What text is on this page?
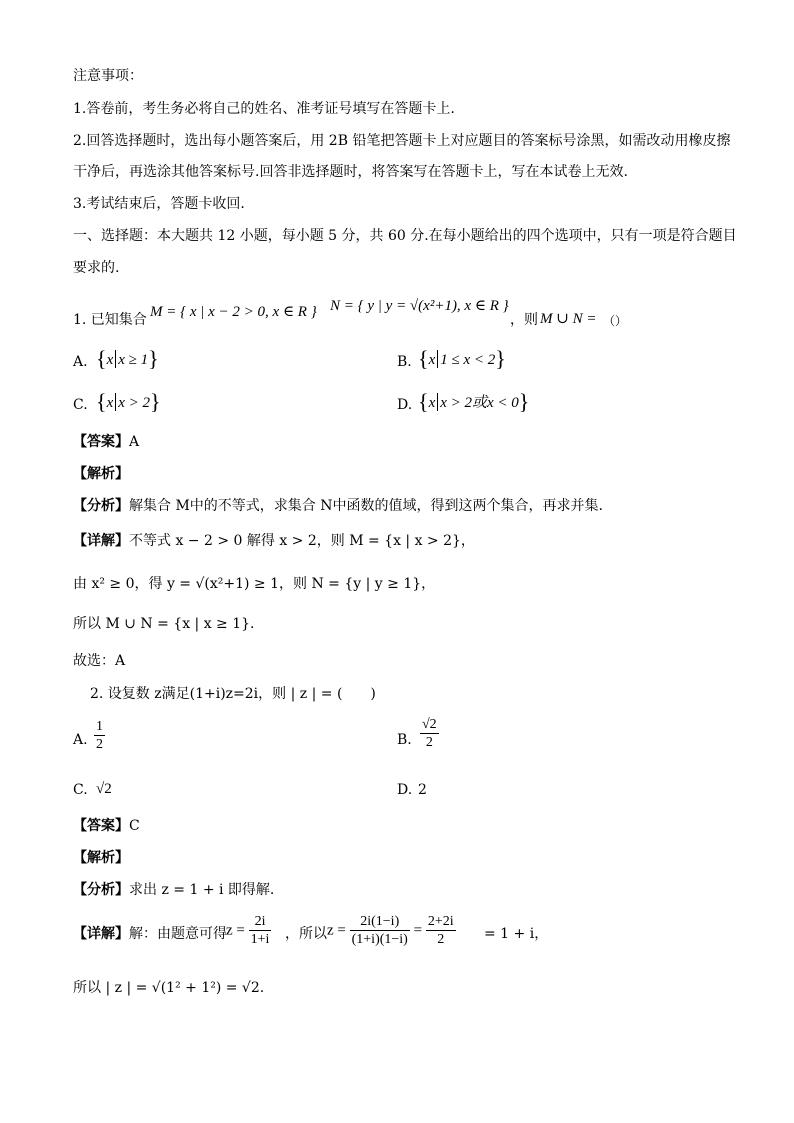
注意事项：
1.答卷前，考生务必将自己的姓名、准考证号填写在答题卡上.
2.回答选择题时，选出每小题答案后，用 2B 铅笔把答题卡上对应题目的答案标号涂黑，如需改动用橡皮擦
干净后，再选涂其他答案标号.回答非选择题时，将答案写在答题卡上，写在本试卷上无效.
3.考试结束后，答题卡收回.
一、选择题：本大题共 12 小题，每小题 5 分，共 60 分.在每小题给出的四个选项中，只有一项是符合题目
要求的.
1. 已知集合 M = { x | x − 2 > 0, x ∈ R } N = { y | y = √(x²+1), x ∈ R }
，则 M ∪ N = （）
A. {x x ≥ 1}	B. {x 1 ≤ x < 2}
C. {x x > 2}	D. {x x > 2或x < 0}
【答案】A
【解析】
【分析】解集合 M中的不等式，求集合 N中函数的值域，得到这两个集合，再求并集.
【详解】不等式 x − 2 > 0 解得 x > 2，则 M = {x | x > 2}，
由 x² ≥ 0，得 y = √(x²+1) ≥ 1，则 N = {y | y ≥ 1}，
所以 M ∪ N = {x | x ≥ 1}.
故选：A
2. 设复数 z满足(1+i)z=2i，则 | z | = (　　)
A. $\frac{1}{2}$	B. $\frac{√2}{2}$
C. √2	D. 2
【答案】C
【解析】
【分析】求出 z = 1 + i 即得解.
【详解】解：由题意可得 $z = \frac{2i}{1+i}$ ，所以 $z = \frac{2i(1-i)}{(1+i)(1-i)} = \frac{2+2i}{2} = 1 + i$，
所以 | z | = √(1² + 1²) = √2.
